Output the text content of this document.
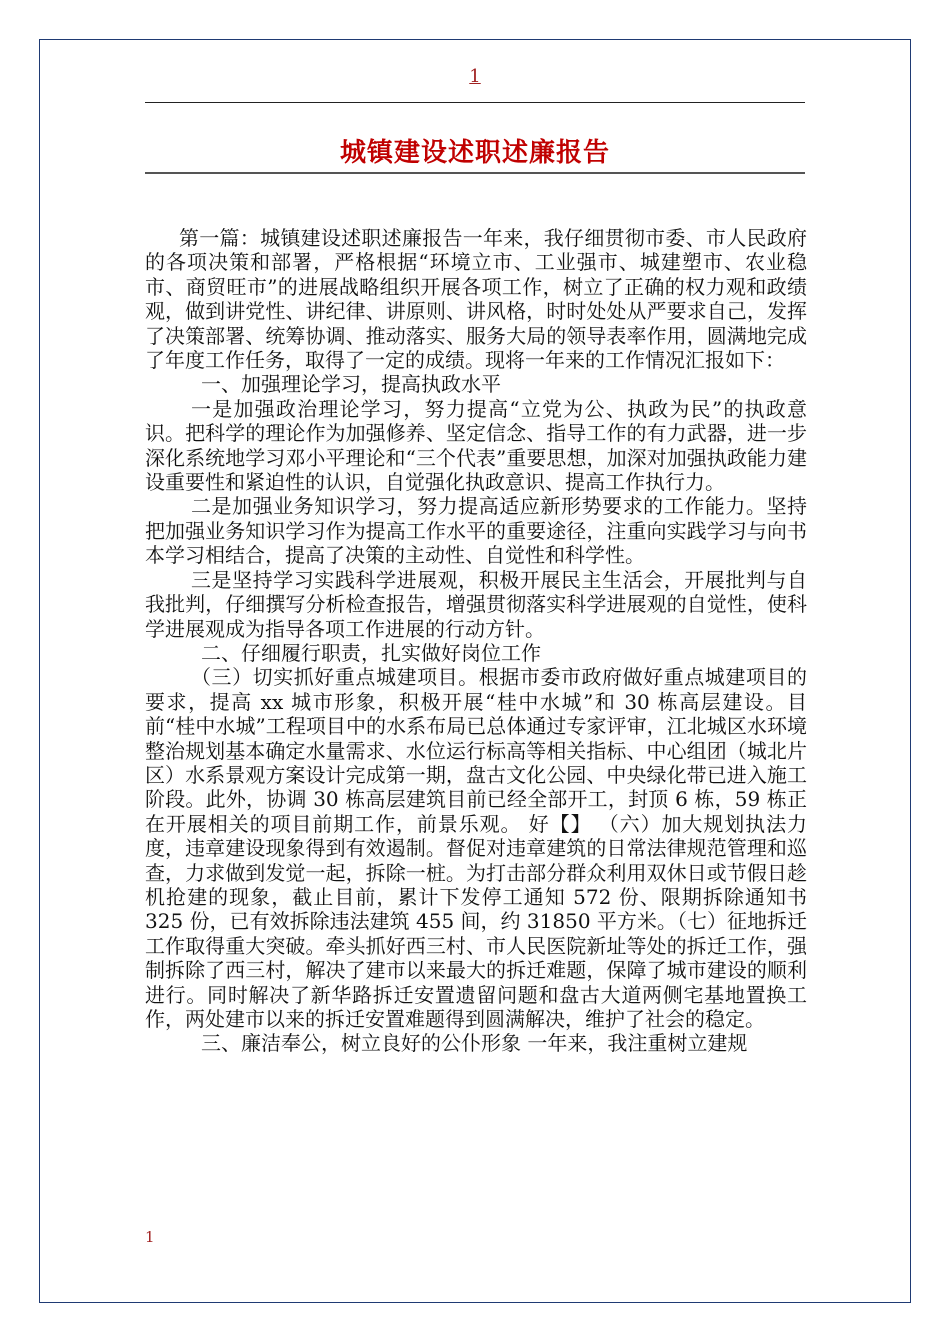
1
城镇建设述职述廉报告

第一篇：城镇建设述职述廉报告一年来，我仔细贯彻市委、市人民政府的各项决策和部署，严格根据“环境立市、工业强市、城建塑市、农业稳市、商贸旺市”的进展战略组织开展各项工作，树立了正确的权力观和政绩观，做到讲党性、讲纪律、讲原则、讲风格，时时处处从严要求自己，发挥了决策部署、统筹协调、推动落实、服务大局的领导表率作用，圆满地完成了年度工作任务，取得了一定的成绩。现将一年来的工作情况汇报如下：

一、加强理论学习，提高执政水平

一是加强政治理论学习，努力提高“立党为公、执政为民”的执政意识。把科学的理论作为加强修养、坚定信念、指导工作的有力武器，进一步深化系统地学习邓小平理论和“三个代表”重要思想，加深对加强执政能力建设重要性和紧迫性的认识，自觉强化执政意识、提高工作执行力。

二是加强业务知识学习，努力提高适应新形势要求的工作能力。坚持把加强业务知识学习作为提高工作水平的重要途径，注重向实践学习与向书本学习相结合，提高了决策的主动性、自觉性和科学性。

三是坚持学习实践科学进展观，积极开展民主生活会，开展批判与自我批判，仔细撰写分析检查报告，增强贯彻落实科学进展观的自觉性，使科学进展观成为指导各项工作进展的行动方针。

二、仔细履行职责，扎实做好岗位工作

（三）切实抓好重点城建项目。根据市委市政府做好重点城建项目的要求，提高 xx 城市形象，积极开展“桂中水城”和 30 栋高层建设。目前“桂中水城”工程项目中的水系布局已总体通过专家评审，江北城区水环境整治规划基本确定水量需求、水位运行标高等相关指标、中心组团（城北片区）水系景观方案设计完成第一期，盘古文化公园、中央绿化带已进入施工阶段。此外，协调 30 栋高层建筑目前已经全部开工，封顶 6 栋，59 栋正在开展相关的项目前期工作，前景乐观。 好【】 （六）加大规划执法力度，违章建设现象得到有效遏制。督促对违章建筑的日常法律规范管理和巡查，力求做到发觉一起，拆除一桩。为打击部分群众利用双休日或节假日趁机抢建的现象，截止目前，累计下发停工通知 572 份、限期拆除通知书 325 份，已有效拆除违法建筑 455 间，约 31850 平方米。（七）征地拆迁工作取得重大突破。牵头抓好西三村、市人民医院新址等处的拆迁工作，强制拆除了西三村，解决了建市以来最大的拆迁难题，保障了城市建设的顺利进行。同时解决了新华路拆迁安置遗留问题和盘古大道两侧宅基地置换工作，两处建市以来的拆迁安置难题得到圆满解决，维护了社会的稳定。

三、廉洁奉公，树立良好的公仆形象 一年来，我注重树立建规

1
